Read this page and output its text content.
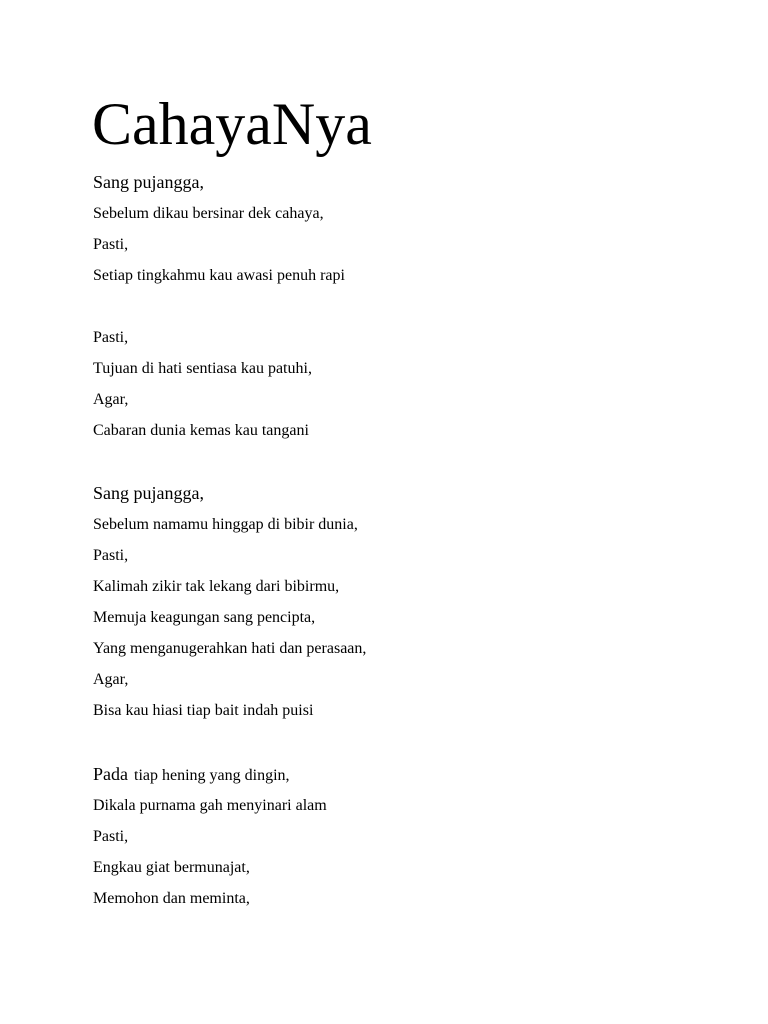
CahayaNya
Sang pujangga,
Sebelum dikau bersinar dek cahaya,
Pasti,
Setiap tingkahmu kau awasi penuh rapi
Pasti,
Tujuan di hati sentiasa kau patuhi,
Agar,
Cabaran dunia kemas kau tangani
Sang pujangga,
Sebelum namamu hinggap di bibir dunia,
Pasti,
Kalimah zikir tak lekang dari bibirmu,
Memuja keagungan sang pencipta,
Yang menganugerahkan hati dan perasaan,
Agar,
Bisa kau hiasi tiap bait indah puisi
Pada tiap hening yang dingin,
Dikala purnama gah menyinari alam
Pasti,
Engkau giat bermunajat,
Memohon dan meminta,
